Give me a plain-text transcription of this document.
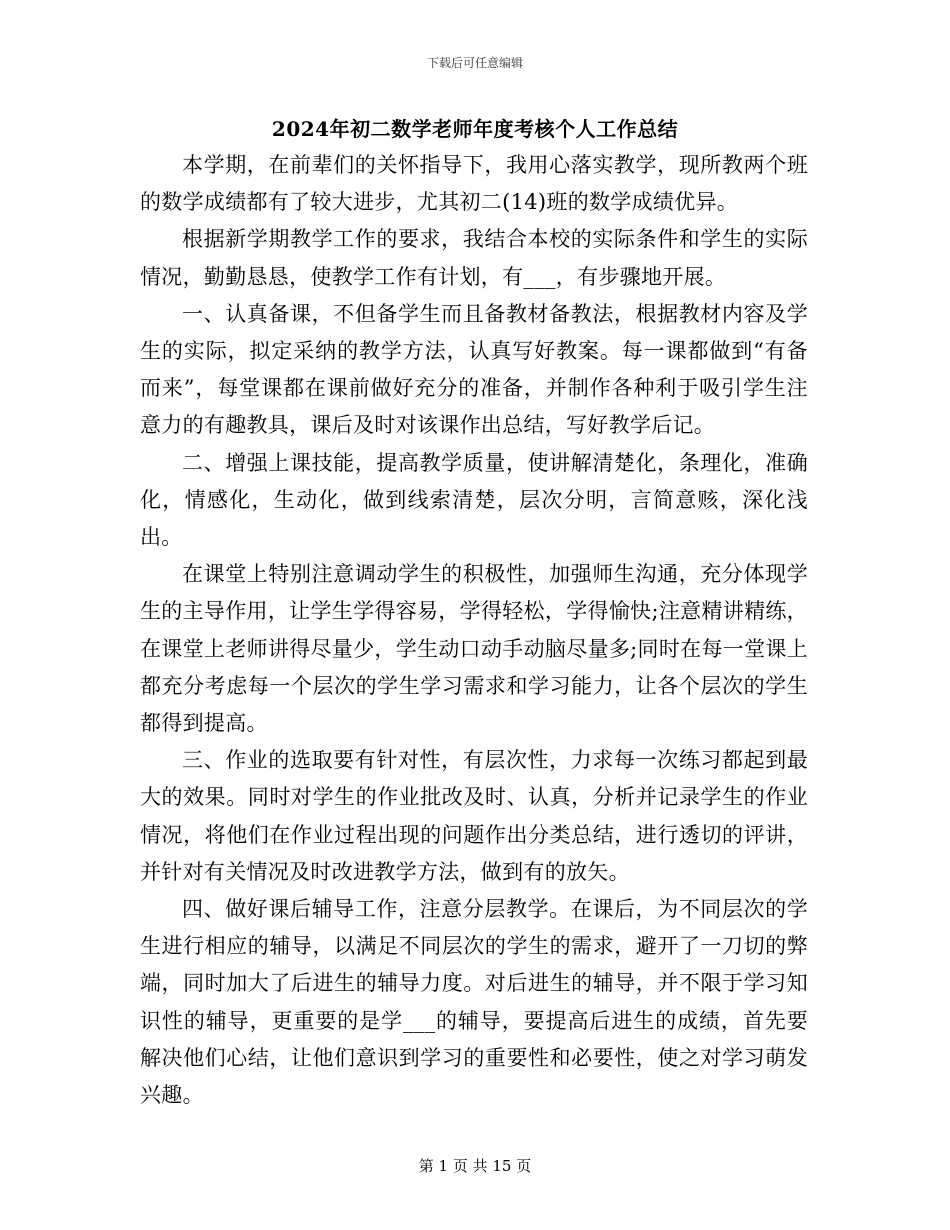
下载后可任意编辑
2024年初二数学老师年度考核个人工作总结

本学期，在前辈们的关怀指导下，我用心落实教学，现所教两个班的数学成绩都有了较大进步，尤其初二(14)班的数学成绩优异。

根据新学期教学工作的要求，我结合本校的实际条件和学生的实际情况，勤勤恳恳，使教学工作有计划，有___，有步骤地开展。

一、认真备课，不但备学生而且备教材备教法，根据教材内容及学生的实际，拟定采纳的教学方法，认真写好教案。每一课都做到“有备而来”，每堂课都在课前做好充分的准备，并制作各种利于吸引学生注意力的有趣教具，课后及时对该课作出总结，写好教学后记。

二、增强上课技能，提高教学质量，使讲解清楚化，条理化，准确化，情感化，生动化，做到线索清楚，层次分明，言简意赅，深化浅出。

在课堂上特别注意调动学生的积极性，加强师生沟通，充分体现学生的主导作用，让学生学得容易，学得轻松，学得愉快;注意精讲精练，在课堂上老师讲得尽量少，学生动口动手动脑尽量多;同时在每一堂课上都充分考虑每一个层次的学生学习需求和学习能力，让各个层次的学生都得到提高。

三、作业的选取要有针对性，有层次性，力求每一次练习都起到最大的效果。同时对学生的作业批改及时、认真，分析并记录学生的作业情况，将他们在作业过程出现的问题作出分类总结，进行透切的评讲，并针对有关情况及时改进教学方法，做到有的放矢。

四、做好课后辅导工作，注意分层教学。在课后，为不同层次的学生进行相应的辅导，以满足不同层次的学生的需求，避开了一刀切的弊端，同时加大了后进生的辅导力度。对后进生的辅导，并不限于学习知识性的辅导，更重要的是学___的辅导，要提高后进生的成绩，首先要解决他们心结，让他们意识到学习的重要性和必要性，使之对学习萌发兴趣。

第 1 页 共 15 页
